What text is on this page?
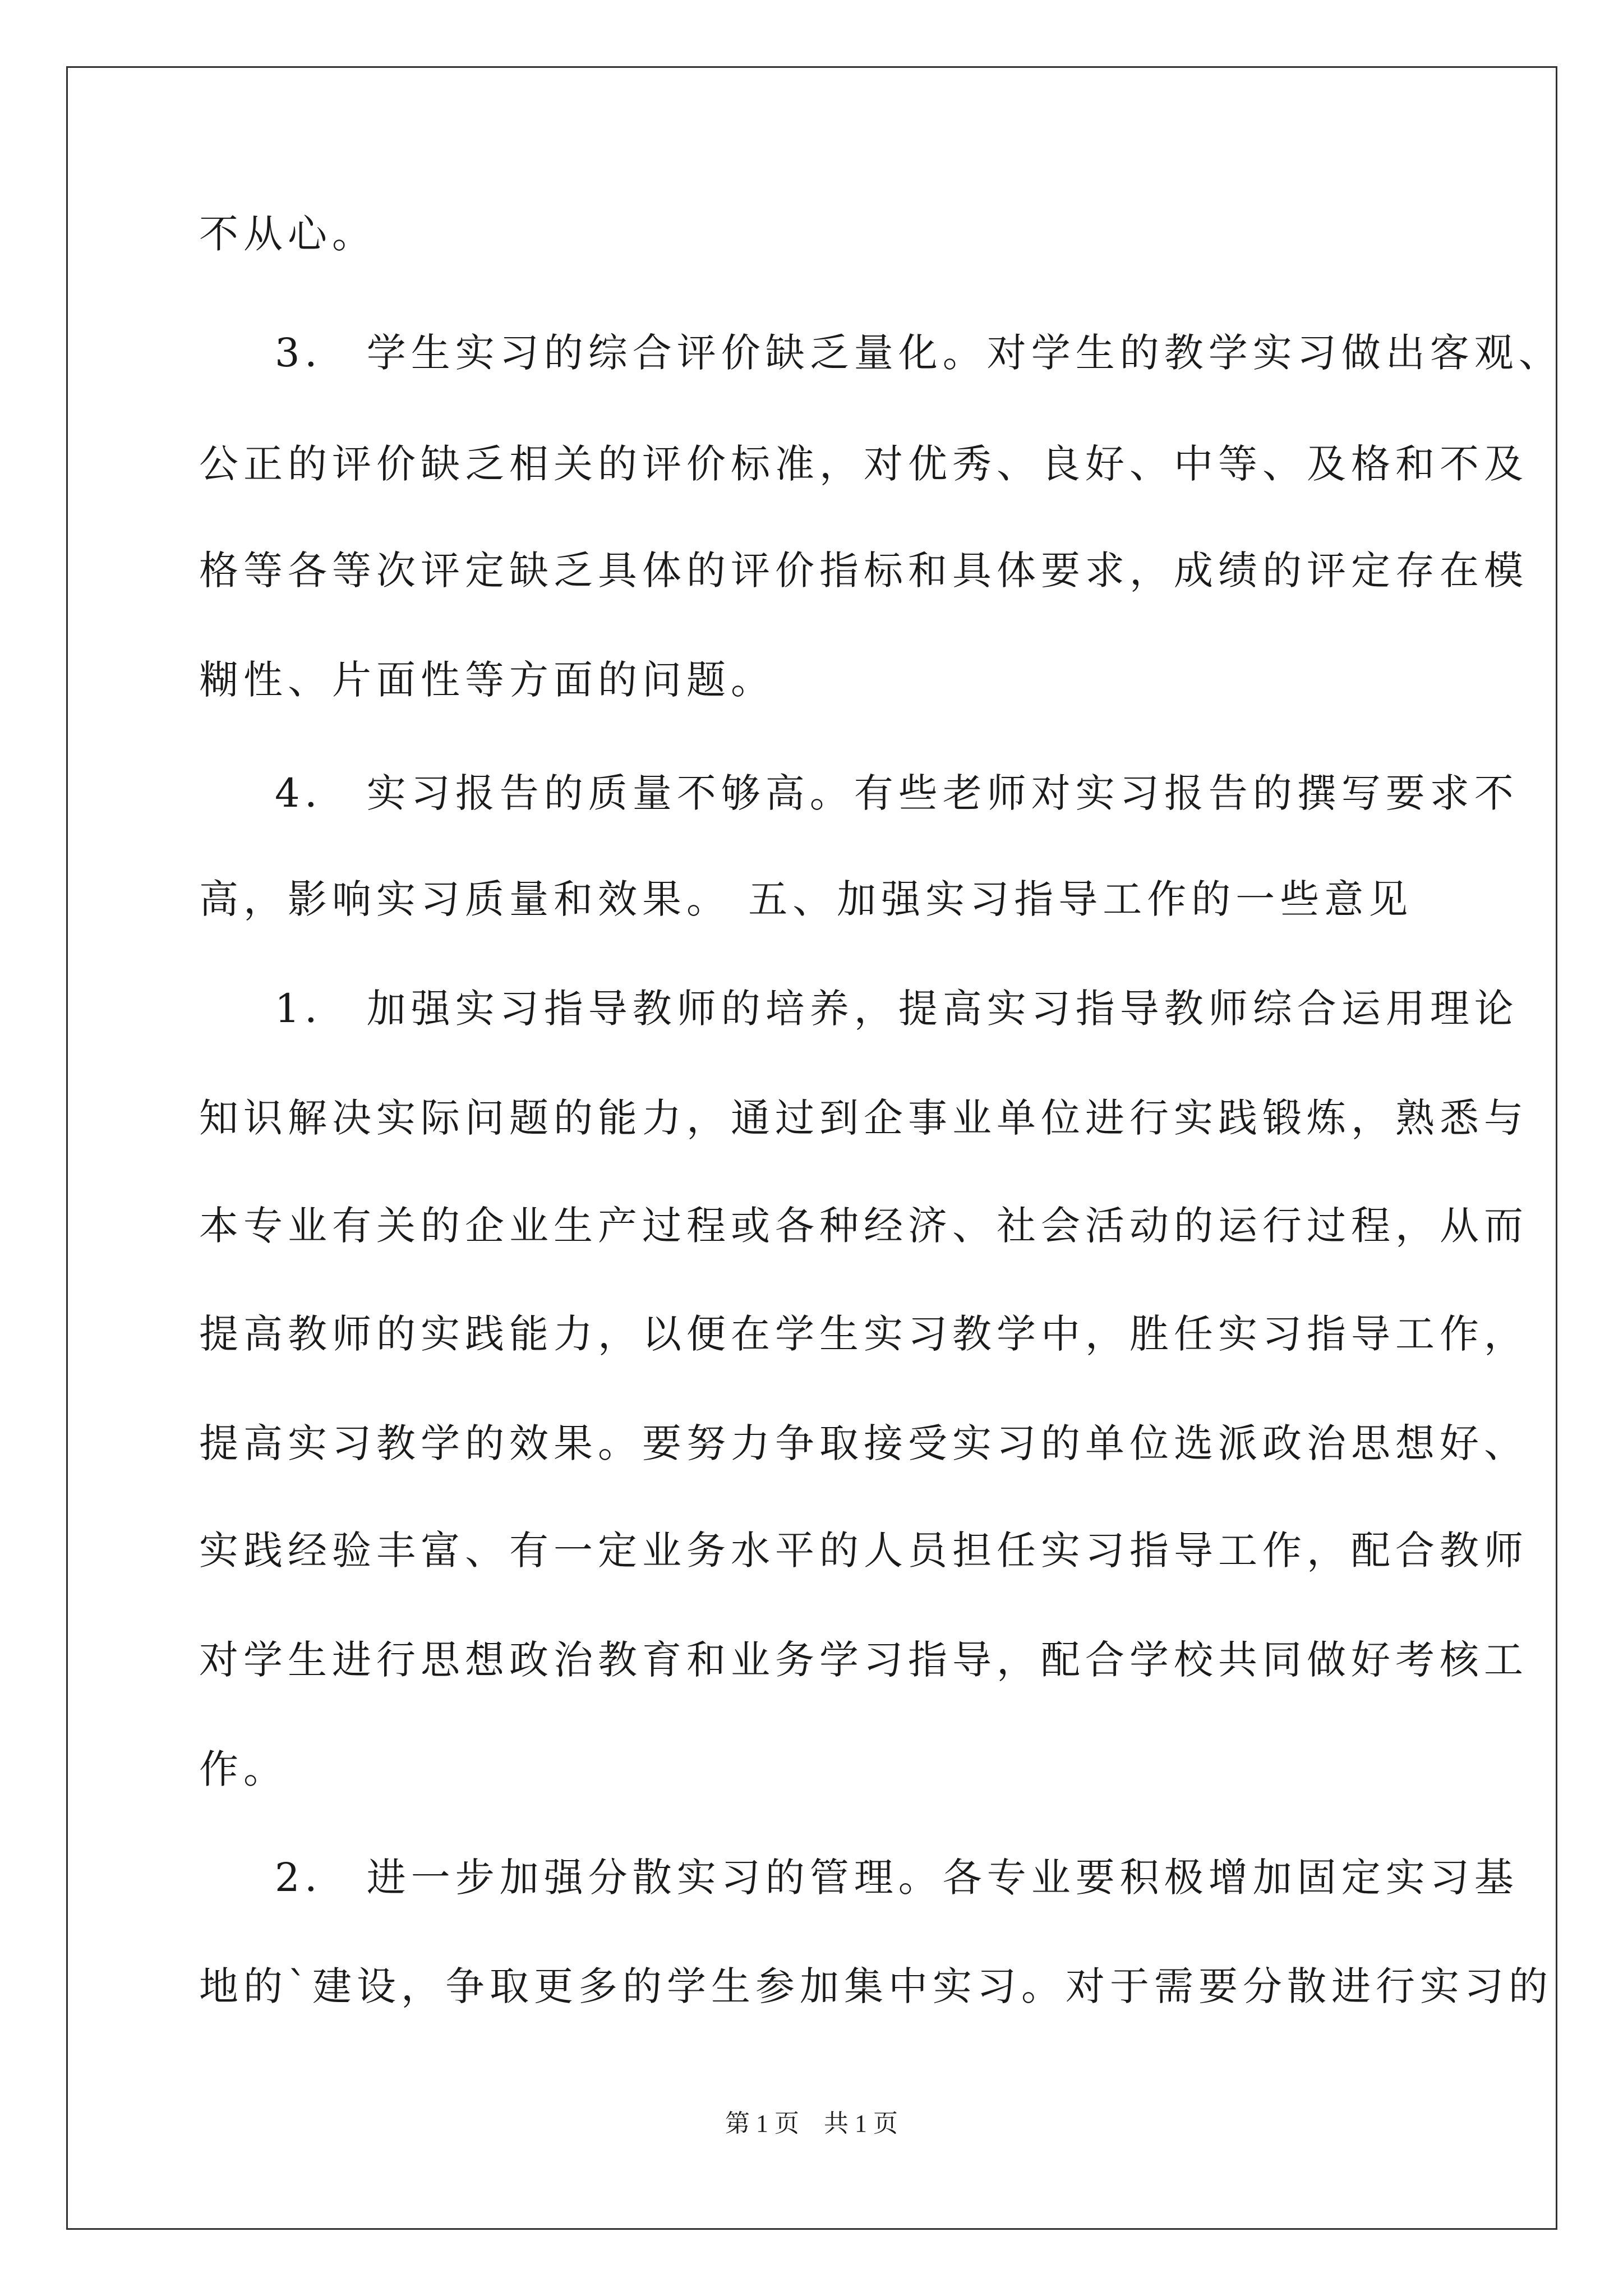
不从心。
3． 学生实习的综合评价缺乏量化。对学生的教学实习做出客观、
公正的评价缺乏相关的评价标准，对优秀、良好、中等、及格和不及
格等各等次评定缺乏具体的评价指标和具体要求，成绩的评定存在模
糊性、片面性等方面的问题。
4． 实习报告的质量不够高。有些老师对实习报告的撰写要求不
高，影响实习质量和效果。 五、加强实习指导工作的一些意见
1． 加强实习指导教师的培养，提高实习指导教师综合运用理论
知识解决实际问题的能力，通过到企事业单位进行实践锻炼，熟悉与
本专业有关的企业生产过程或各种经济、社会活动的运行过程，从而
提高教师的实践能力，以便在学生实习教学中，胜任实习指导工作，
提高实习教学的效果。要努力争取接受实习的单位选派政治思想好、
实践经验丰富、有一定业务水平的人员担任实习指导工作，配合教师
对学生进行思想政治教育和业务学习指导，配合学校共同做好考核工
作。
2． 进一步加强分散实习的管理。各专业要积极增加固定实习基
地的`建设，争取更多的学生参加集中实习。对于需要分散进行实习的
第 1 页　共 1 页
